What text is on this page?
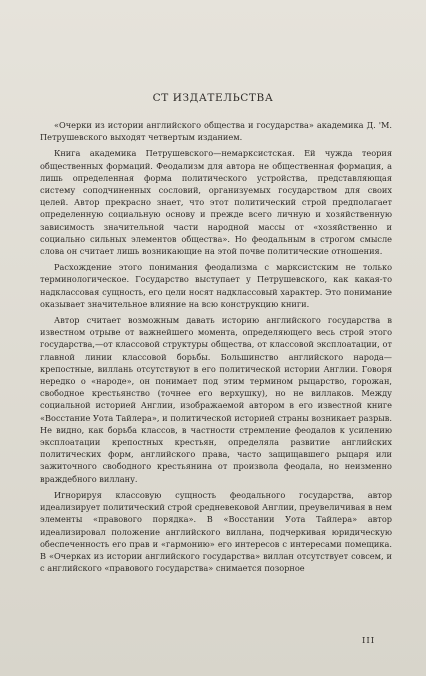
СТ ИЗДАТЕЛЬСТВА

«Очерки из истории английского общества и государства» академика Д. 'М. Петрушевского выходят четвертым изданием.

Книга академика Петрушевского—немарксистская. Ей чужда теория общественных формаций. Феодализм для автора не общественная формация, а лишь определенная форма политического устройства, представляющая систему соподчиненных сословий, организуемых государством для своих целей. Автор прекрасно знает, что этот политический строй предполагает определенную социальную основу и прежде всего личную и хозяйственную зависимость значительной части народной массы от «хозяйственно и социально сильных элементов общества». Но феодальным в строгом смысле слова он считает лишь возникающие на этой почве политические отношения.

Расхождение этого понимания феодализма с марксистским не только терминологическое. Государство выступает у Петрушевского, как какая-то надклассовая сущность, его цели носят надклассовый характер. Это понимание оказывает значительное влияние на всю конструкцию книги.

Автор считает возможным давать историю английского государства в известном отрыве от важнейшего момента, определяющего весь строй этого государства,—от классовой структуры общества, от классовой эксплоатации, от главной линии классовой борьбы. Большинство английского народа—крепостные, виллань отсутствуют в его политической истории Англии. Говоря нередко о «народе», он понимает под этим термином рыцарство, горожан, свободное крестьянство (точнее его верхушку), но не виллаков. Между социальной историей Англии, изображаемой автором в его известной книге «Восстание Уота Тайлера», и политической историей страны возникает разрыв. Не видно, как борьба классов, в частности стремление феодалов к усилению эксплоатации крепостных крестьян, определяла развитие английских политических форм, английского права, часто защищавшего рыцаря или зажиточного свободного крестьянина от произвола феодала, но неизменно враждебного виллану.

Игнорируя классовую сущность феодального государства, автор идеализирует политический строй средневековой Англии, преувеличивая в нем элементы «правового порядка». В «Восстании Уота Тайлера» автор идеализировал положение английского виллана, подчеркивая юридическую обеспеченность его прав и «гармонию» его интересов с интересами помещика. В «Очерках из истории английского государства» виллан отсутствует совсем, и с английского «правового государства» снимается позорное

III
